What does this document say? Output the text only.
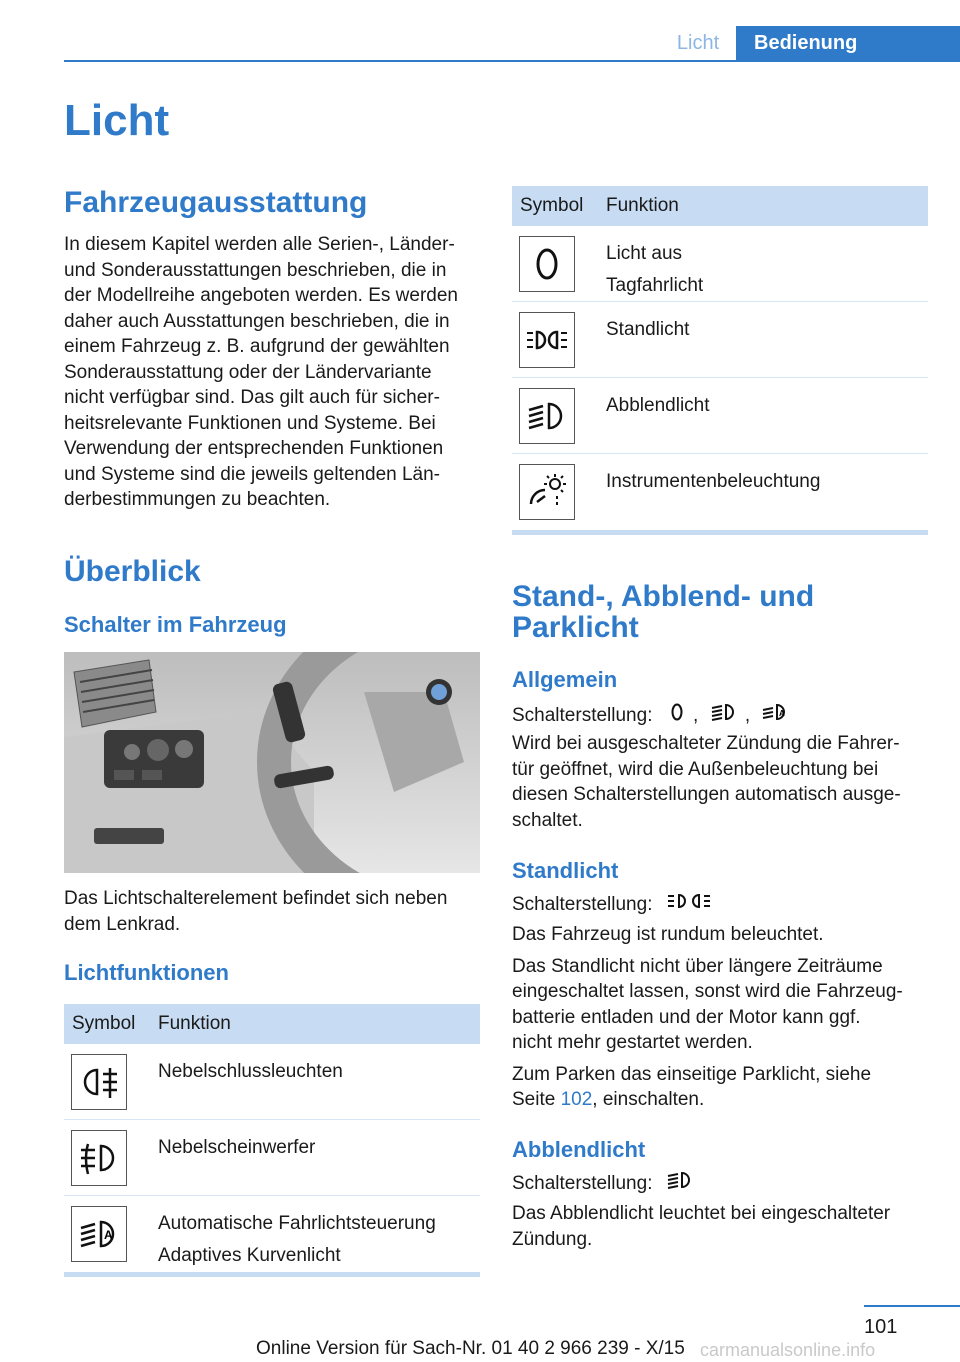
Licht	Bedienung
Licht
Fahrzeugausstattung
In diesem Kapitel werden alle Serien-, Länder-
und Sonderausstattungen beschrieben, die in
der Modellreihe angeboten werden. Es werden
daher auch Ausstattungen beschrieben, die in
einem Fahrzeug z. B. aufgrund der gewählten
Sonderausstattung oder der Ländervariante
nicht verfügbar sind. Das gilt auch für sicher-
heitsrelevante Funktionen und Systeme. Bei
Verwendung der entsprechenden Funktionen
und Systeme sind die jeweils geltenden Län-
derbestimmungen zu beachten.
Überblick
Schalter im Fahrzeug
Das Lichtschalterelement befindet sich neben
dem Lenkrad.
Lichtfunktionen
Symbol	Funktion
Nebelschlussleuchten
Nebelscheinwerfer
A
Automatische Fahrlichtsteuerung
Adaptives Kurvenlicht
Symbol	Funktion
Licht aus
Tagfahrlicht
Standlicht
Abblendlicht
Instrumentenbeleuchtung
Stand-, Abblend- und
Parklicht
Allgemein
Schalterstellung: , ,	A
Wird bei ausgeschalteter Zündung die Fahrer-
tür geöffnet, wird die Außenbeleuchtung bei
diesen Schalterstellungen automatisch ausge-
schaltet.
Standlicht
Schalterstellung:
Das Fahrzeug ist rundum beleuchtet.
Das Standlicht nicht über längere Zeiträume
eingeschaltet lassen, sonst wird die Fahrzeug-
batterie entladen und der Motor kann ggf.
nicht mehr gestartet werden.
Zum Parken das einseitige Parklicht, siehe
Seite 102, einschalten.
Abblendlicht
Schalterstellung:
Das Abblendlicht leuchtet bei eingeschalteter
Zündung.
101
Online Version für Sach-Nr. 01 40 2 966 239 - X/15 carmanualsonline.info
